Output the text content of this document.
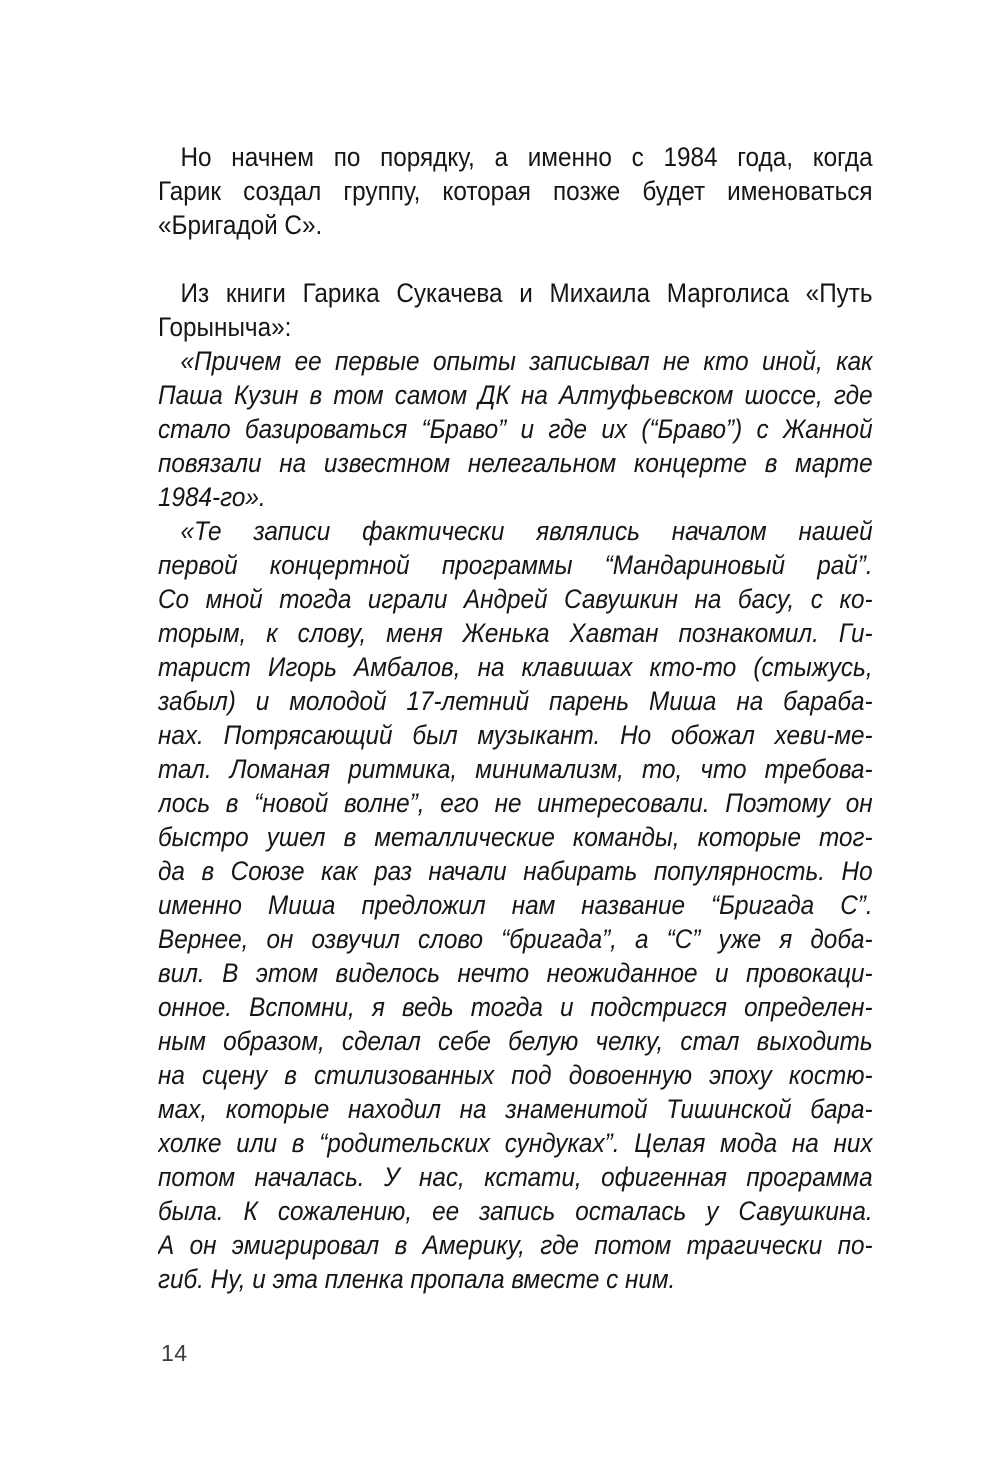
Но начнем по порядку, а именно с 1984 года, когда
Гарик создал группу, которая позже будет именоваться
«Бригадой С».
Из книги Гарика Сукачева и Михаила Марголиса «Путь
Горыныча»:
«Причем ее первые опыты записывал не кто иной, как
Паша Кузин в том самом ДК на Алтуфьевском шоссе, где
стало базироваться “Браво” и где их (“Браво”) с Жанной
повязали на известном нелегальном концерте в марте
1984-го».
«Те записи фактически являлись началом нашей
первой концертной программы “Мандариновый рай”.
Со мной тогда играли Андрей Савушкин на басу, с ко-
торым, к слову, меня Женька Хавтан познакомил. Ги-
тарист Игорь Амбалов, на клавишах кто-то (стыжусь,
забыл) и молодой 17-летний парень Миша на бараба-
нах. Потрясающий был музыкант. Но обожал хеви-ме-
тал. Ломаная ритмика, минимализм, то, что требова-
лось в “новой волне”, его не интересовали. Поэтому он
быстро ушел в металлические команды, которые тог-
да в Союзе как раз начали набирать популярность. Но
именно Миша предложил нам название “Бригада С”.
Вернее, он озвучил слово “бригада”, а “С” уже я доба-
вил. В этом виделось нечто неожиданное и провокаци-
онное. Вспомни, я ведь тогда и подстригся определен-
ным образом, сделал себе белую челку, стал выходить
на сцену в стилизованных под довоенную эпоху костю-
мах, которые находил на знаменитой Тишинской бара-
холке или в “родительских сундуках”. Целая мода на них
потом началась. У нас, кстати, офигенная программа
была. К сожалению, ее запись осталась у Савушкина.
А он эмигрировал в Америку, где потом трагически по-
гиб. Ну, и эта пленка пропала вместе с ним.
14
